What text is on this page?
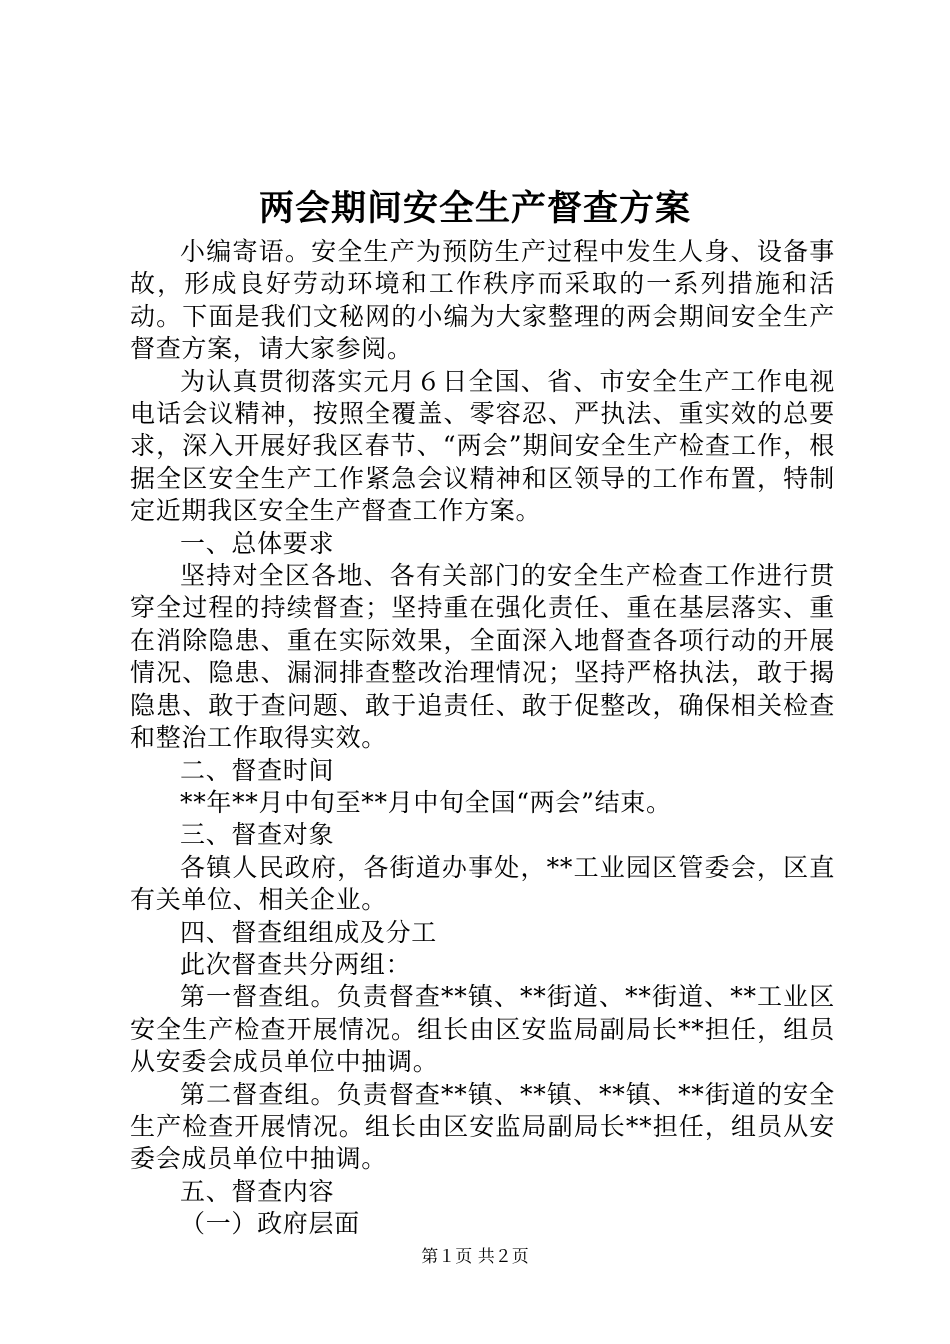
两会期间安全生产督查方案

小编寄语。安全生产为预防生产过程中发生人身、设备事故，形成良好劳动环境和工作秩序而采取的一系列措施和活动。下面是我们文秘网的小编为大家整理的两会期间安全生产督查方案，请大家参阅。

为认真贯彻落实元月６日全国、省、市安全生产工作电视电话会议精神，按照全覆盖、零容忍、严执法、重实效的总要求，深入开展好我区春节、“两会”期间安全生产检查工作，根据全区安全生产工作紧急会议精神和区领导的工作布置，特制定近期我区安全生产督查工作方案。

一、总体要求

坚持对全区各地、各有关部门的安全生产检查工作进行贯穿全过程的持续督查；坚持重在强化责任、重在基层落实、重在消除隐患、重在实际效果，全面深入地督查各项行动的开展情况、隐患、漏洞排查整改治理情况；坚持严格执法，敢于揭隐患、敢于查问题、敢于追责任、敢于促整改，确保相关检查和整治工作取得实效。

二、督查时间

**年**月中旬至**月中旬全国“两会”结束。

三、督查对象

各镇人民政府，各街道办事处，**工业园区管委会，区直有关单位、相关企业。

四、督查组组成及分工

此次督查共分两组：

第一督查组。负责督查**镇、**街道、**街道、**工业区安全生产检查开展情况。组长由区安监局副局长**担任，组员从安委会成员单位中抽调。

第二督查组。负责督查**镇、**镇、**镇、**街道的安全生产检查开展情况。组长由区安监局副局长**担任，组员从安委会成员单位中抽调。

五、督查内容

（一）政府层面

第１页 共２页
